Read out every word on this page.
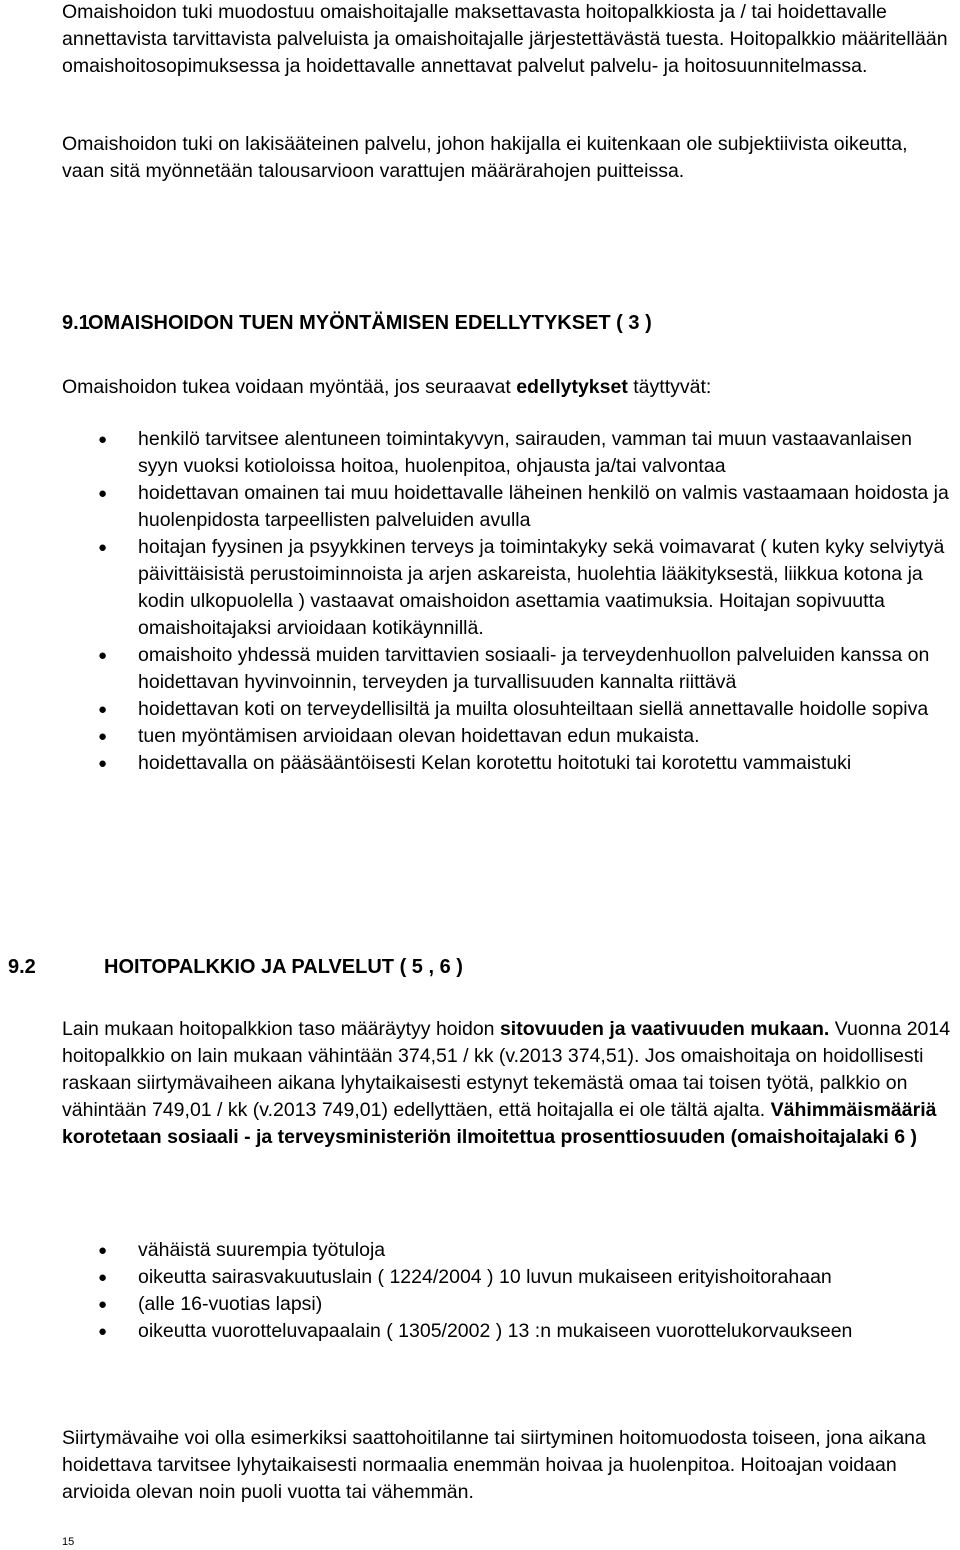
Omaishoidon tuki muodostuu omaishoitajalle maksettavasta hoitopalkkiosta ja / tai hoidettavalle annettavista tarvittavista palveluista ja omaishoitajalle järjestettävästä tuesta. Hoitopalkkio määritellään omaishoitosopimuksessa ja hoidettavalle annettavat palvelut palvelu- ja hoitosuunnitelmassa.

Omaishoidon tuki on lakisääteinen palvelu, johon hakijalla ei kuitenkaan ole subjektiivista oikeutta, vaan sitä myönnetään talousarvioon varattujen määrärahojen puitteissa.

9.1
OMAISHOIDON TUEN MYÖNTÄMISEN EDELLYTYKSET ( 3 )

Omaishoidon tukea voidaan myöntää, jos seuraavat edellytykset täyttyvät:

● henkilö tarvitsee alentuneen toimintakyvyn, sairauden, vamman tai muun vastaavanlaisen syyn vuoksi kotioloissa hoitoa, huolenpitoa, ohjausta ja/tai valvontaa
● hoidettavan omainen tai muu hoidettavalle läheinen henkilö on valmis vastaamaan hoidosta ja huolenpidosta tarpeellisten palveluiden avulla
● hoitajan fyysinen ja psyykkinen terveys ja toimintakyky sekä voimavarat ( kuten kyky selviytyä päivittäisistä perustoiminnoista ja arjen askareista, huolehtia lääkityksestä, liikkua kotona ja kodin ulkopuolella ) vastaavat omaishoidon asettamia vaatimuksia. Hoitajan sopivuutta omaishoitajaksi arvioidaan kotikäynnillä.
● omaishoito yhdessä muiden tarvittavien sosiaali- ja terveydenhuollon palveluiden kanssa on hoidettavan hyvinvoinnin, terveyden ja turvallisuuden kannalta riittävä
● hoidettavan koti on terveydellisiltä ja muilta olosuhteiltaan siellä annettavalle hoidolle sopiva
● tuen myöntämisen arvioidaan olevan hoidettavan edun mukaista.
● hoidettavalla on pääsääntöisesti Kelan korotettu hoitotuki tai korotettu vammaistuki
9.2	HOITOPALKKIO JA PALVELUT ( 5 , 6 )

Lain mukaan hoitopalkkion taso määräytyy hoidon sitovuuden ja vaativuuden mukaan. Vuonna 2014 hoitopalkkio on lain mukaan vähintään 374,51 / kk (v.2013 374,51). Jos omaishoitaja on hoidollisesti raskaan siirtymävaiheen aikana lyhytaikaisesti estynyt tekemästä omaa tai toisen työtä, palkkio on vähintään 749,01 / kk (v.2013 749,01) edellyttäen, että hoitajalla ei ole tältä ajalta. Vähimmäismääriä korotetaan sosiaali - ja terveysministeriön ilmoitettua prosenttiosuuden (omaishoitajalaki 6 )

● vähäistä suurempia työtuloja
● oikeutta sairasvakuutuslain ( 1224/2004 ) 10 luvun mukaiseen erityishoitorahaan
● (alle 16-vuotias lapsi)
● oikeutta vuorotteluvapaalain ( 1305/2002 ) 13 :n mukaiseen vuorottelukorvaukseen

Siirtymävaihe voi olla esimerkiksi saattohoitilanne tai siirtyminen hoitomuodosta toiseen, jona aikana hoidettava tarvitsee lyhytaikaisesti normaalia enemmän hoivaa ja huolenpitoa. Hoitoajan voidaan arvioida olevan noin puoli vuotta tai vähemmän.

15
